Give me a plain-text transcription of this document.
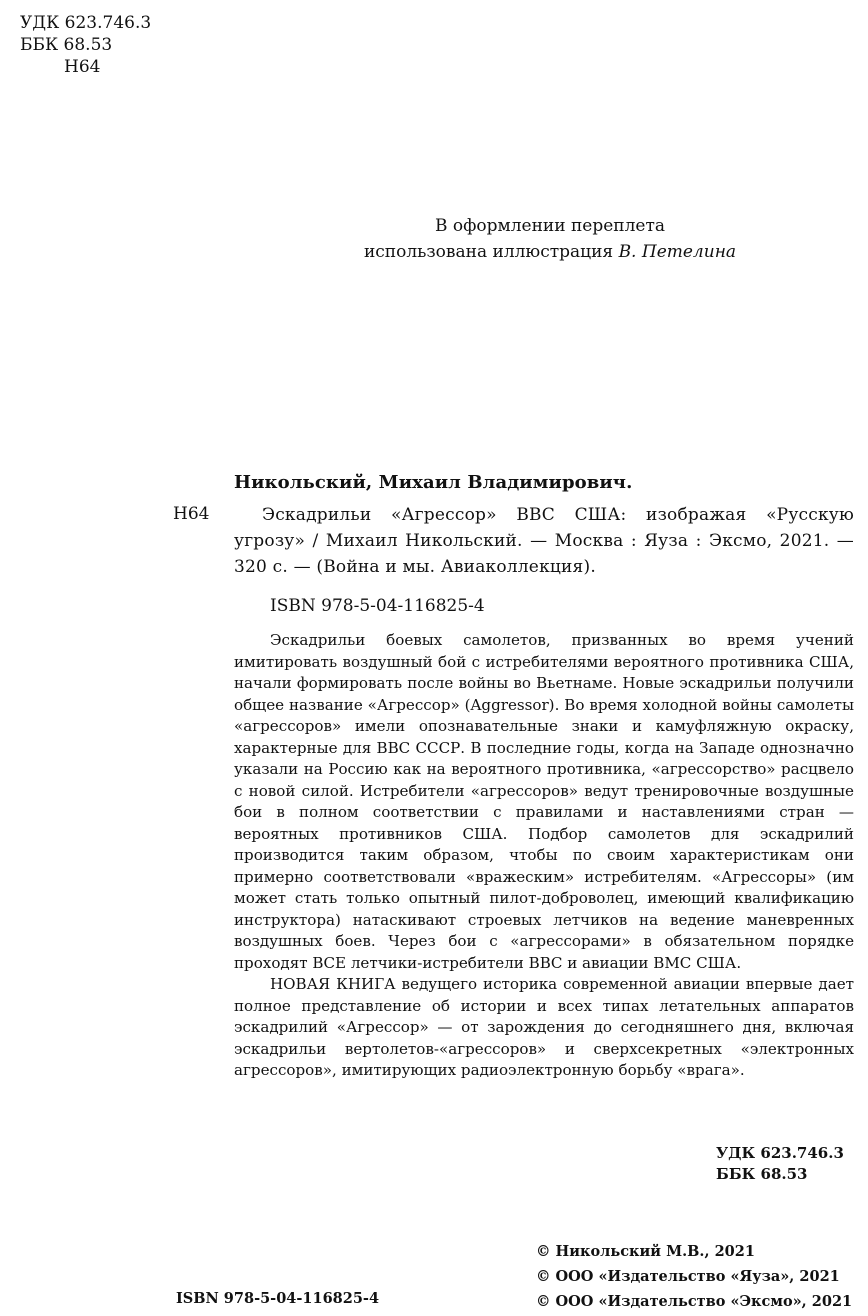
УДК 623.746.3
ББК 68.53
Н64
В оформлении переплета
использована иллюстрация В. Петелина
Никольский, Михаил Владимирович.
Н64	Эскадрильи «Агрессор» ВВС США: изображая «Русскую угрозу» / Михаил Никольский. — Москва : Яуза : Эксмо, 2021. — 320 с. — (Война и мы. Авиаколлекция).
ISBN 978-5-04-116825-4

Эскадрильи боевых самолетов, призванных во время учений имитировать воздушный бой с истребителями вероятного противника США, начали формировать после войны во Вьетнаме. Новые эскадрильи получили общее название «Агрессор» (Aggressor). Во время холодной войны самолеты «агрессоров» имели опознавательные знаки и камуфляжную окраску, характерные для ВВС СССР. В последние годы, когда на Западе однозначно указали на Россию как на вероятного противника, «агрессорство» расцвело с новой силой. Истребители «агрессоров» ведут тренировочные воздушные бои в полном соответствии с правилами и наставлениями стран — вероятных противников США. Подбор самолетов для эскадрилий производится таким образом, чтобы по своим характеристикам они примерно соответствовали «вражеским» истребителям. «Агрессоры» (им может стать только опытный пилот-доброволец, имеющий квалификацию инструктора) натаскивают строевых летчиков на ведение маневренных воздушных боев. Через бои с «агрессорами» в обязательном порядке проходят ВСЕ летчики-истребители ВВС и авиации ВМС США.

НОВАЯ КНИГА ведущего историка современной авиации впервые дает полное представление об истории и всех типах летательных аппаратов эскадрилий «Агрессор» — от зарождения до сегодняшнего дня, включая эскадрильи вертолетов-«агрессоров» и сверхсекретных «электронных агрессоров», имитирующих радиоэлектронную борьбу «врага».

УДК 623.746.3
ББК 68.53
© Никольский М.В., 2021
© ООО «Издательство «Яуза», 2021
© ООО «Издательство «Эксмо», 2021
ISBN 978-5-04-116825-4
